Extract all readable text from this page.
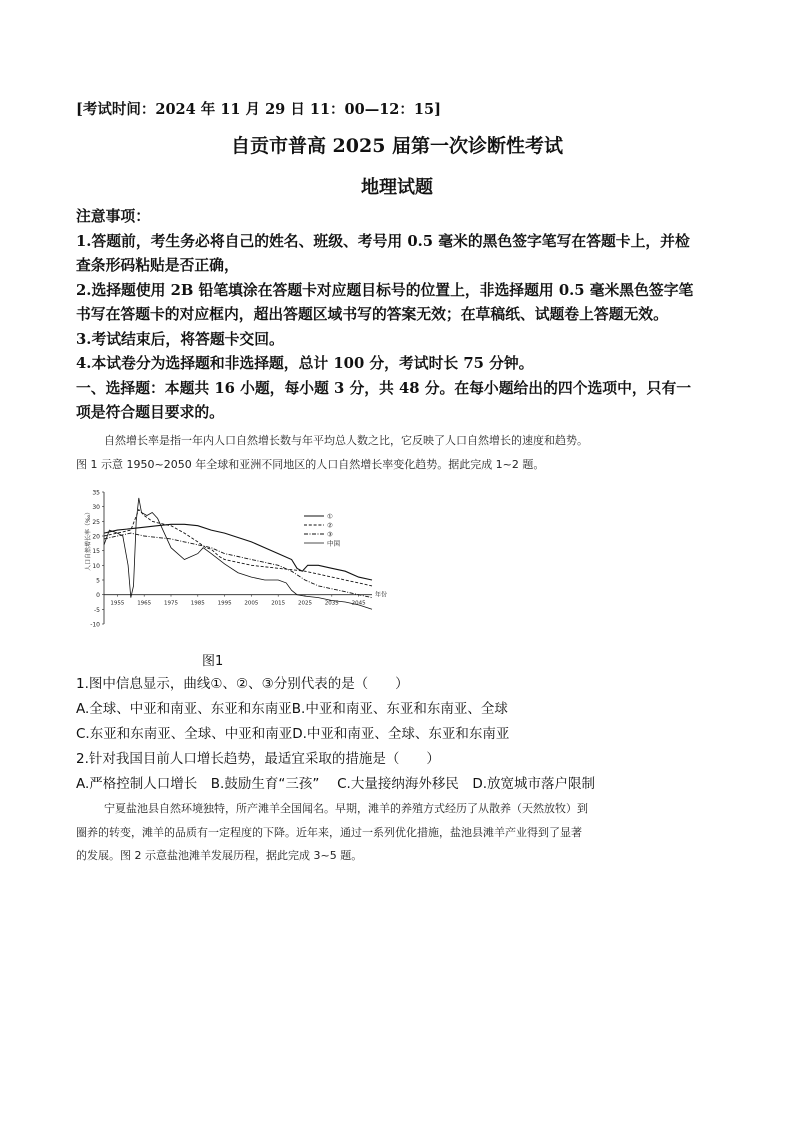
[考试时间：2024 年 11 月 29 日 11：00—12：15]
自贡市普高 2025 届第一次诊断性考试
地理试题
注意事项：
1.答题前，考生务必将自己的姓名、班级、考号用 0.5 毫米的黑色签字笔写在答题卡上，并检
查条形码粘贴是否正确，
2.选择题使用 2B 铅笔填涂在答题卡对应题目标号的位置上，非选择题用 0.5 毫米黑色签字笔
书写在答题卡的对应框内，超出答题区域书写的答案无效；在草稿纸、试题卷上答题无效。
3.考试结束后，将答题卡交回。
4.本试卷分为选择题和非选择题，总计 100 分，考试时长 75 分钟。
一、选择题：本题共 16 小题，每小题 3 分，共 48 分。在每小题给出的四个选项中，只有一
项是符合题目要求的。
自然增长率是指一年内人口自然增长数与年平均总人数之比，它反映了人口自然增长的速度和趋势。
图 1 示意 1950~2050 年全球和亚洲不同地区的人口自然增长率变化趋势。据此完成 1~2 题。
35
30
25
20
15
10
5
0
-5
-10
1955 1965 1975 1985 1995 2005 2015 2025 2035 2045
人口自然增长率（‰）
年份
①
②
③
中国
图1
1.图中信息显示，曲线①、②、③分别代表的是（　　）
A.全球、中亚和南亚、东亚和东南亚B.中亚和南亚、东亚和东南亚、全球
C.东亚和东南亚、全球、中亚和南亚D.中亚和南亚、全球、东亚和东南亚
2.针对我国目前人口增长趋势，最适宜采取的措施是（　　）
A.严格控制人口增长　B.鼓励生育“三孩”　 C.大量接纳海外移民　D.放宽城市落户限制
宁夏盐池县自然环境独特，所产滩羊全国闻名。早期，滩羊的养殖方式经历了从散养（天然放牧）到
圈养的转变，滩羊的品质有一定程度的下降。近年来，通过一系列优化措施，盐池县滩羊产业得到了显著
的发展。图 2 示意盐池滩羊发展历程，据此完成 3~5 题。
